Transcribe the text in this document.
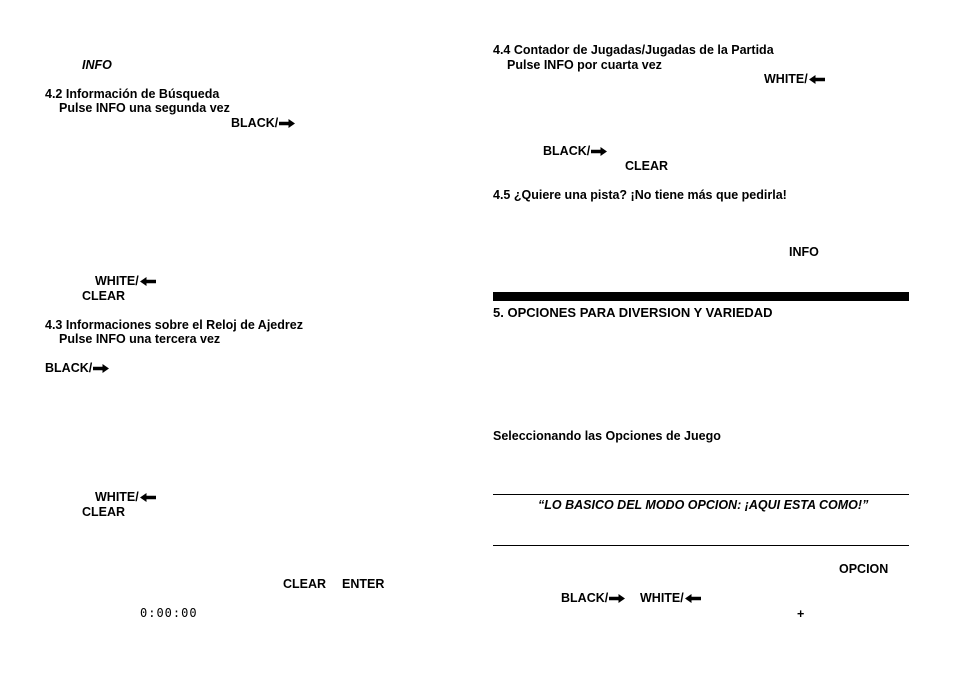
INFO
4.2 Información de Búsqueda
Pulse INFO una segunda vez
BLACK/
WHITE/
CLEAR
4.3 Informaciones sobre el Reloj de Ajedrez
Pulse INFO una tercera vez
BLACK/
WHITE/
CLEAR
CLEAR ENTER
0:00:00
4.4 Contador de Jugadas/Jugadas de la Partida
Pulse INFO por cuarta vez
WHITE/
BLACK/
CLEAR
4.5 ¿Quiere una pista? ¡No tiene más que pedirla!
INFO
5. OPCIONES PARA DIVERSION Y VARIEDAD
Seleccionando las Opciones de Juego
“LO BASICO DEL MODO OPCION: ¡AQUI ESTA COMO!”
OPCION
BLACK/	WHITE/
+
